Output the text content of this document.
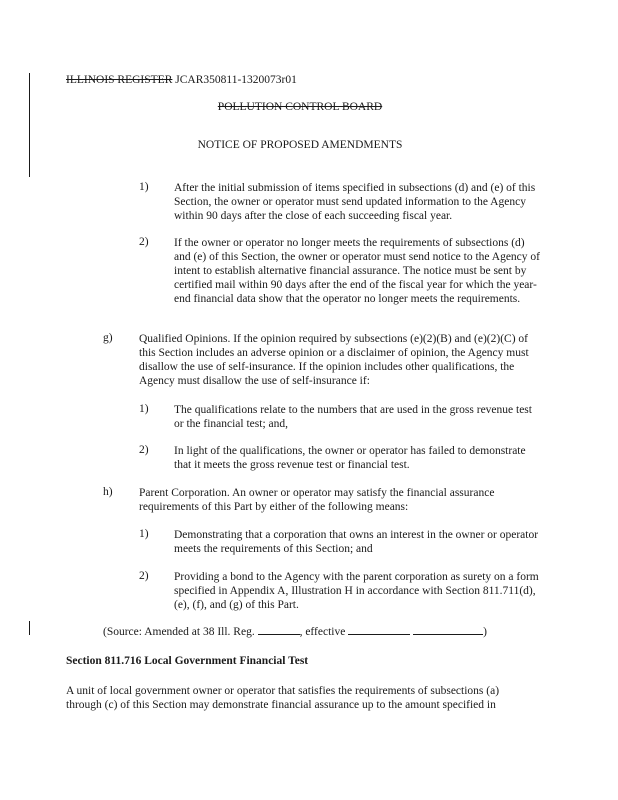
ILLINOIS REGISTER JCAR350811-1320073r01
POLLUTION CONTROL BOARD
NOTICE OF PROPOSED AMENDMENTS
1) After the initial submission of items specified in subsections (d) and (e) of this Section, the owner or operator must send updated information to the Agency within 90 days after the close of each succeeding fiscal year.
2) If the owner or operator no longer meets the requirements of subsections (d) and (e) of this Section, the owner or operator must send notice to the Agency of intent to establish alternative financial assurance. The notice must be sent by certified mail within 90 days after the end of the fiscal year for which the year-end financial data show that the operator no longer meets the requirements.
g) Qualified Opinions. If the opinion required by subsections (e)(2)(B) and (e)(2)(C) of this Section includes an adverse opinion or a disclaimer of opinion, the Agency must disallow the use of self-insurance. If the opinion includes other qualifications, the Agency must disallow the use of self-insurance if:
1) The qualifications relate to the numbers that are used in the gross revenue test or the financial test; and,
2) In light of the qualifications, the owner or operator has failed to demonstrate that it meets the gross revenue test or financial test.
h) Parent Corporation. An owner or operator may satisfy the financial assurance requirements of this Part by either of the following means:
1) Demonstrating that a corporation that owns an interest in the owner or operator meets the requirements of this Section; and
2) Providing a bond to the Agency with the parent corporation as surety on a form specified in Appendix A, Illustration H in accordance with Section 811.711(d), (e), (f), and (g) of this Part.
(Source: Amended at 38 Ill. Reg.	, effective	)
Section 811.716 Local Government Financial Test
A unit of local government owner or operator that satisfies the requirements of subsections (a) through (c) of this Section may demonstrate financial assurance up to the amount specified in
